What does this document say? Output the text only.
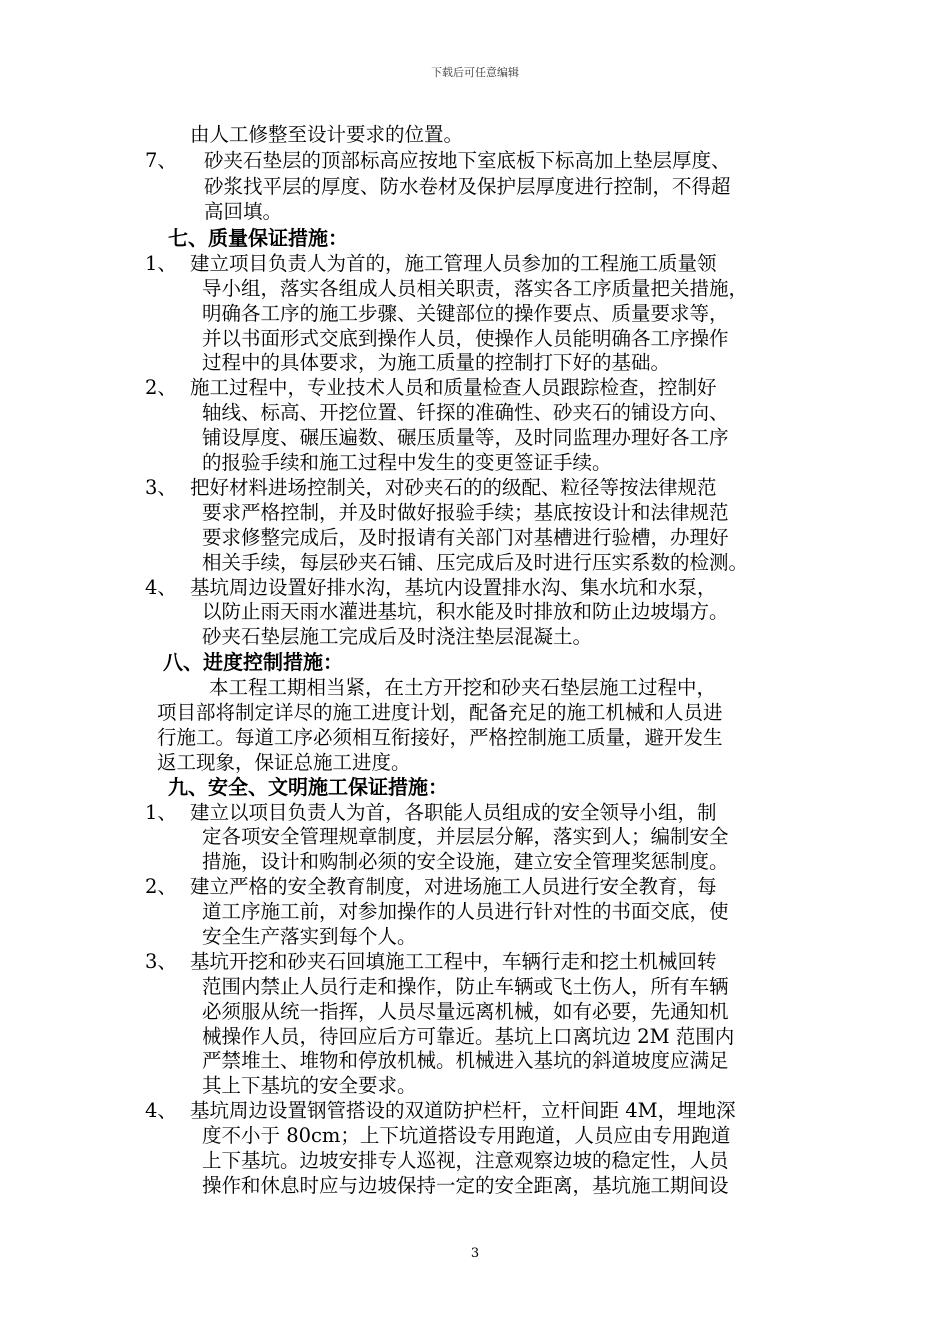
下载后可任意编辑
由人工修整至设计要求的位置。
7、 砂夹石垫层的顶部标高应按地下室底板下标高加上垫层厚度、
砂浆找平层的厚度、防水卷材及保护层厚度进行控制，不得超
高回填。
七、质量保证措施：
1、 建立项目负责人为首的，施工管理人员参加的工程施工质量领
导小组，落实各组成人员相关职责，落实各工序质量把关措施，
明确各工序的施工步骤、关键部位的操作要点、质量要求等，
并以书面形式交底到操作人员，使操作人员能明确各工序操作
过程中的具体要求，为施工质量的控制打下好的基础。
2、 施工过程中，专业技术人员和质量检查人员跟踪检查，控制好
轴线、标高、开挖位置、钎探的准确性、砂夹石的铺设方向、
铺设厚度、碾压遍数、碾压质量等，及时同监理办理好各工序
的报验手续和施工过程中发生的变更签证手续。
3、 把好材料进场控制关，对砂夹石的的级配、粒径等按法律规范
要求严格控制，并及时做好报验手续；基底按设计和法律规范
要求修整完成后，及时报请有关部门对基槽进行验槽，办理好
相关手续，每层砂夹石铺、压完成后及时进行压实系数的检测。
4、 基坑周边设置好排水沟，基坑内设置排水沟、集水坑和水泵，
以防止雨天雨水灌进基坑，积水能及时排放和防止边坡塌方。
砂夹石垫层施工完成后及时浇注垫层混凝土。
八、进度控制措施：
本工程工期相当紧，在土方开挖和砂夹石垫层施工过程中，
项目部将制定详尽的施工进度计划，配备充足的施工机械和人员进
行施工。每道工序必须相互衔接好，严格控制施工质量，避开发生
返工现象，保证总施工进度。
九、安全、文明施工保证措施：
1、 建立以项目负责人为首，各职能人员组成的安全领导小组，制
定各项安全管理规章制度，并层层分解，落实到人；编制安全
措施，设计和购制必须的安全设施，建立安全管理奖惩制度。
2、 建立严格的安全教育制度，对进场施工人员进行安全教育，每
道工序施工前，对参加操作的人员进行针对性的书面交底，使
安全生产落实到每个人。
3、 基坑开挖和砂夹石回填施工工程中，车辆行走和挖土机械回转
范围内禁止人员行走和操作，防止车辆或飞土伤人，所有车辆
必须服从统一指挥，人员尽量远离机械，如有必要，先通知机
械操作人员，待回应后方可靠近。基坑上口离坑边 2M 范围内
严禁堆土、堆物和停放机械。机械进入基坑的斜道坡度应满足
其上下基坑的安全要求。
4、 基坑周边设置钢管搭设的双道防护栏杆，立杆间距 4M，埋地深
度不小于 80cm；上下坑道搭设专用跑道，人员应由专用跑道
上下基坑。边坡安排专人巡视，注意观察边坡的稳定性，人员
操作和休息时应与边坡保持一定的安全距离，基坑施工期间设
3
